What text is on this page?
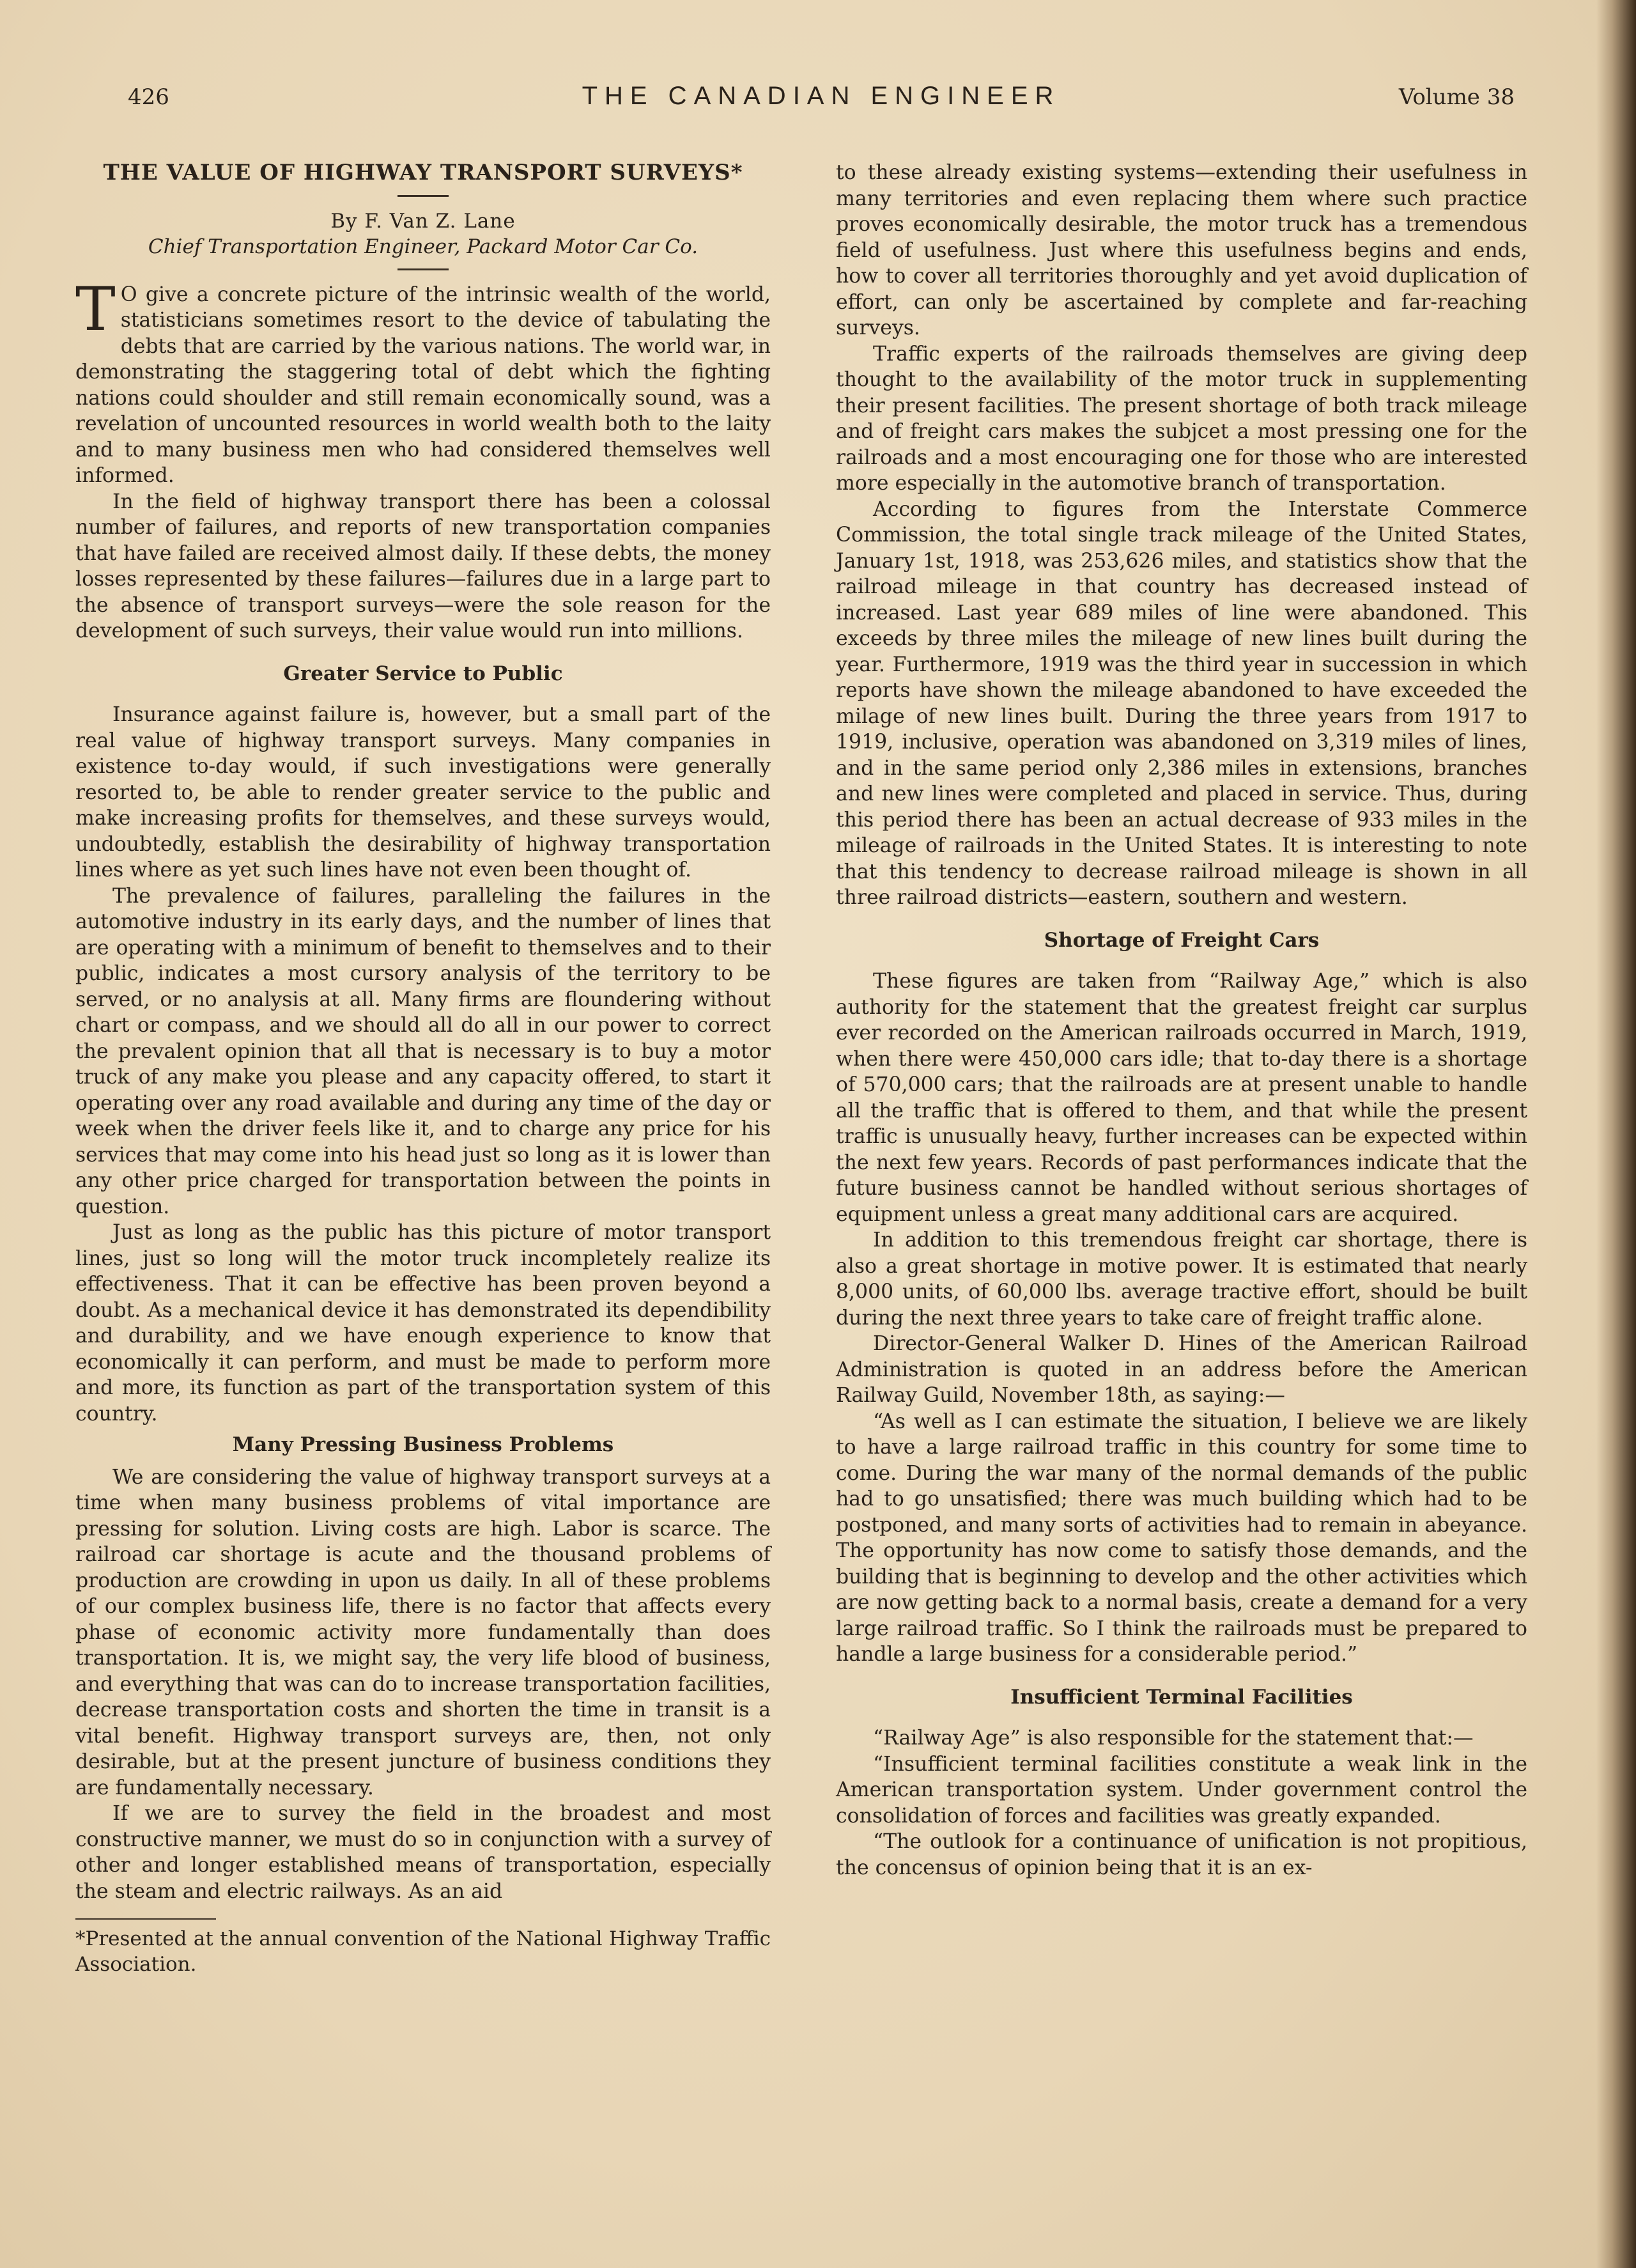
426	THE CANADIAN ENGINEER	Volume 38
THE VALUE OF HIGHWAY TRANSPORT SURVEYS*
By F. Van Z. Lane
Chief Transportation Engineer, Packard Motor Car Co.

T O give a concrete picture of the intrinsic wealth of the world, statisticians sometimes resort to the device of tabulating the debts that are carried by the various nations. The world war, in demonstrating the staggering total of debt which the fighting nations could shoulder and still remain economically sound, was a revelation of uncounted resources in world wealth both to the laity and to many business men who had considered themselves well informed.

In the field of highway transport there has been a colossal number of failures, and reports of new transportation companies that have failed are received almost daily. If these debts, the money losses represented by these failures—failures due in a large part to the absence of transport surveys—were the sole reason for the development of such surveys, their value would run into millions.

Greater Service to Public

Insurance against failure is, however, but a small part of the real value of highway transport surveys. Many companies in existence to-day would, if such investigations were generally resorted to, be able to render greater service to the public and make increasing profits for themselves, and these surveys would, undoubtedly, establish the desirability of highway transportation lines where as yet such lines have not even been thought of.

The prevalence of failures, paralleling the failures in the automotive industry in its early days, and the number of lines that are operating with a minimum of benefit to themselves and to their public, indicates a most cursory analysis of the territory to be served, or no analysis at all. Many firms are floundering without chart or compass, and we should all do all in our power to correct the prevalent opinion that all that is necessary is to buy a motor truck of any make you please and any capacity offered, to start it operating over any road available and during any time of the day or week when the driver feels like it, and to charge any price for his services that may come into his head just so long as it is lower than any other price charged for transportation between the points in question.

Just as long as the public has this picture of motor transport lines, just so long will the motor truck incompletely realize its effectiveness. That it can be effective has been proven beyond a doubt. As a mechanical device it has demonstrated its dependibility and durability, and we have enough experience to know that economically it can perform, and must be made to perform more and more, its function as part of the transportation system of this country.

Many Pressing Business Problems

We are considering the value of highway transport surveys at a time when many business problems of vital importance are pressing for solution. Living costs are high. Labor is scarce. The railroad car shortage is acute and the thousand problems of production are crowding in upon us daily. In all of these problems of our complex business life, there is no factor that affects every phase of economic activity more fundamentally than does transportation. It is, we might say, the very life blood of business, and everything that was can do to increase transportation facilities, decrease transportation costs and shorten the time in transit is a vital benefit. Highway transport surveys are, then, not only desirable, but at the present juncture of business conditions they are fundamentally necessary.

If we are to survey the field in the broadest and most constructive manner, we must do so in conjunction with a survey of other and longer established means of transportation, especially the steam and electric railways. As an aid

*Presented at the annual convention of the National Highway Traffic Association.

to these already existing systems—extending their usefulness in many territories and even replacing them where such practice proves economically desirable, the motor truck has a tremendous field of usefulness. Just where this usefulness begins and ends, how to cover all territories thoroughly and yet avoid duplication of effort, can only be ascertained by complete and far-reaching surveys.

Traffic experts of the railroads themselves are giving deep thought to the availability of the motor truck in supplementing their present facilities. The present shortage of both track mileage and of freight cars makes the subjcet a most pressing one for the railroads and a most encouraging one for those who are interested more especially in the automotive branch of transportation.

According to figures from the Interstate Commerce Commission, the total single track mileage of the United States, January 1st, 1918, was 253,626 miles, and statistics show that the railroad mileage in that country has decreased instead of increased. Last year 689 miles of line were abandoned. This exceeds by three miles the mileage of new lines built during the year. Furthermore, 1919 was the third year in succession in which reports have shown the mileage abandoned to have exceeded the milage of new lines built. During the three years from 1917 to 1919, inclusive, operation was abandoned on 3,319 miles of lines, and in the same period only 2,386 miles in extensions, branches and new lines were completed and placed in service. Thus, during this period there has been an actual decrease of 933 miles in the mileage of railroads in the United States. It is interesting to note that this tendency to decrease railroad mileage is shown in all three railroad districts—eastern, southern and western.

Shortage of Freight Cars

These figures are taken from “Railway Age,” which is also authority for the statement that the greatest freight car surplus ever recorded on the American railroads occurred in March, 1919, when there were 450,000 cars idle; that to-day there is a shortage of 570,000 cars; that the railroads are at present unable to handle all the traffic that is offered to them, and that while the present traffic is unusually heavy, further increases can be expected within the next few years. Records of past performances indicate that the future business cannot be handled without serious shortages of equipment unless a great many additional cars are acquired.

In addition to this tremendous freight car shortage, there is also a great shortage in motive power. It is estimated that nearly 8,000 units, of 60,000 lbs. average tractive effort, should be built during the next three years to take care of freight traffic alone.

Director-General Walker D. Hines of the American Railroad Administration is quoted in an address before the American Railway Guild, November 18th, as saying:—

“As well as I can estimate the situation, I believe we are likely to have a large railroad traffic in this country for some time to come. During the war many of the normal demands of the public had to go unsatisfied; there was much building which had to be postponed, and many sorts of activities had to remain in abeyance. The opportunity has now come to satisfy those demands, and the building that is beginning to develop and the other activities which are now getting back to a normal basis, create a demand for a very large railroad traffic. So I think the railroads must be prepared to handle a large business for a considerable period.”

Insufficient Terminal Facilities

“Railway Age” is also responsible for the statement that:—

“Insufficient terminal facilities constitute a weak link in the American transportation system. Under government control the consolidation of forces and facilities was greatly expanded.

“The outlook for a continuance of unification is not propitious, the concensus of opinion being that it is an ex-
